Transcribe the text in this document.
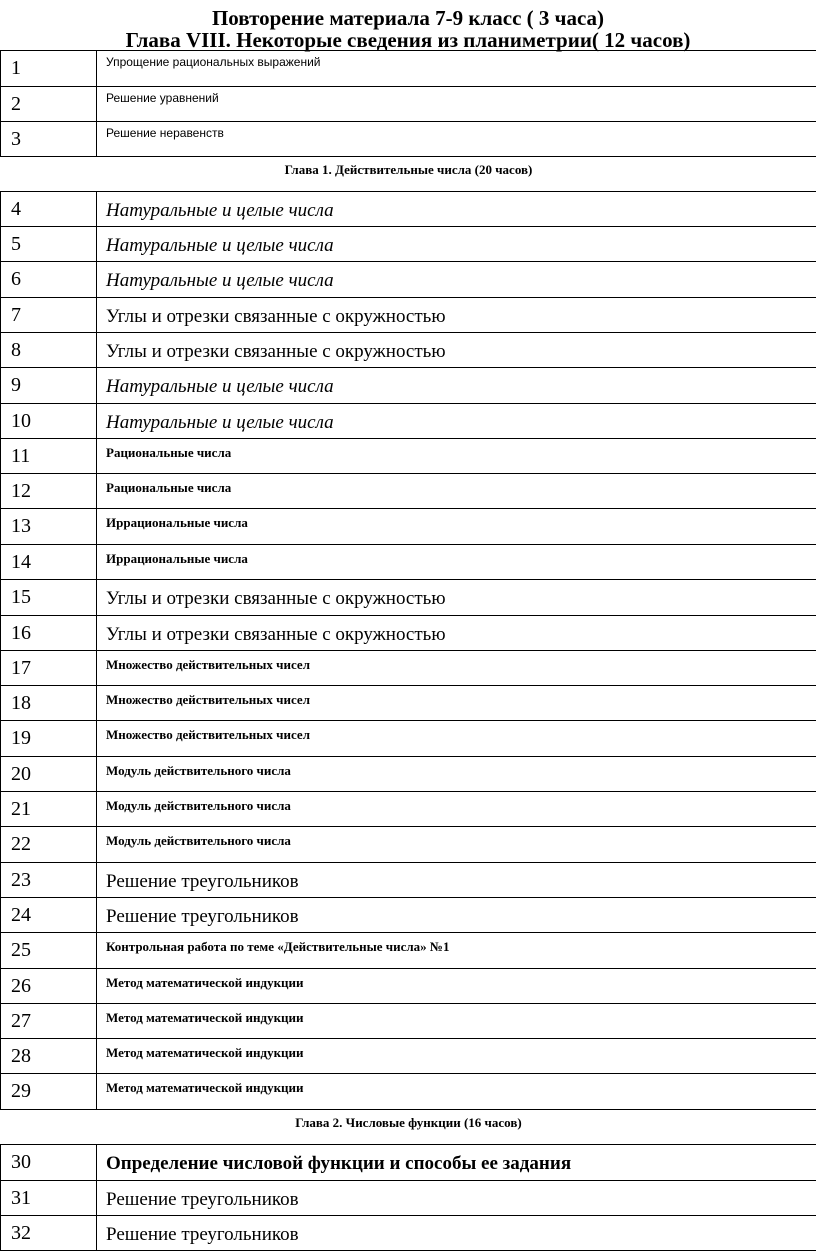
Повторение материала 7-9 класс ( 3 часа)
Глава VIII. Некоторые сведения из планиметрии( 12 часов)
1	Упрощение рациональных выражений

2	Решение уравнений

3	Решение неравенств

Глава 1. Действительные числа (20 часов)	

4	Натуральные и целые числа

5	Натуральные и целые числа

6	Натуральные и целые числа

7	Углы и отрезки связанные с окружностью

8	Углы и отрезки связанные с окружностью

9	Натуральные и целые числа

10	Натуральные и целые числа

11	Рациональные числа

12	Рациональные числа

13	Иррациональные числа

14	Иррациональные числа

15	Углы и отрезки связанные с окружностью

16	Углы и отрезки связанные с окружностью

17	Множество действительных чисел

18	Множество действительных чисел

19	Множество действительных чисел

20	Модуль действительного числа

21	Модуль действительного числа

22	Модуль действительного числа

23	Решение треугольников

24	Решение треугольников

25	Контрольная работа по теме «Действительные числа» №1

26	Метод математической индукции

27	Метод математической индукции

28	Метод математической индукции

29	Метод математической индукции

Глава 2. Числовые функции (16 часов)	

30	Определение числовой функции и способы ее задания

31	Решение треугольников

32	Решение треугольников
